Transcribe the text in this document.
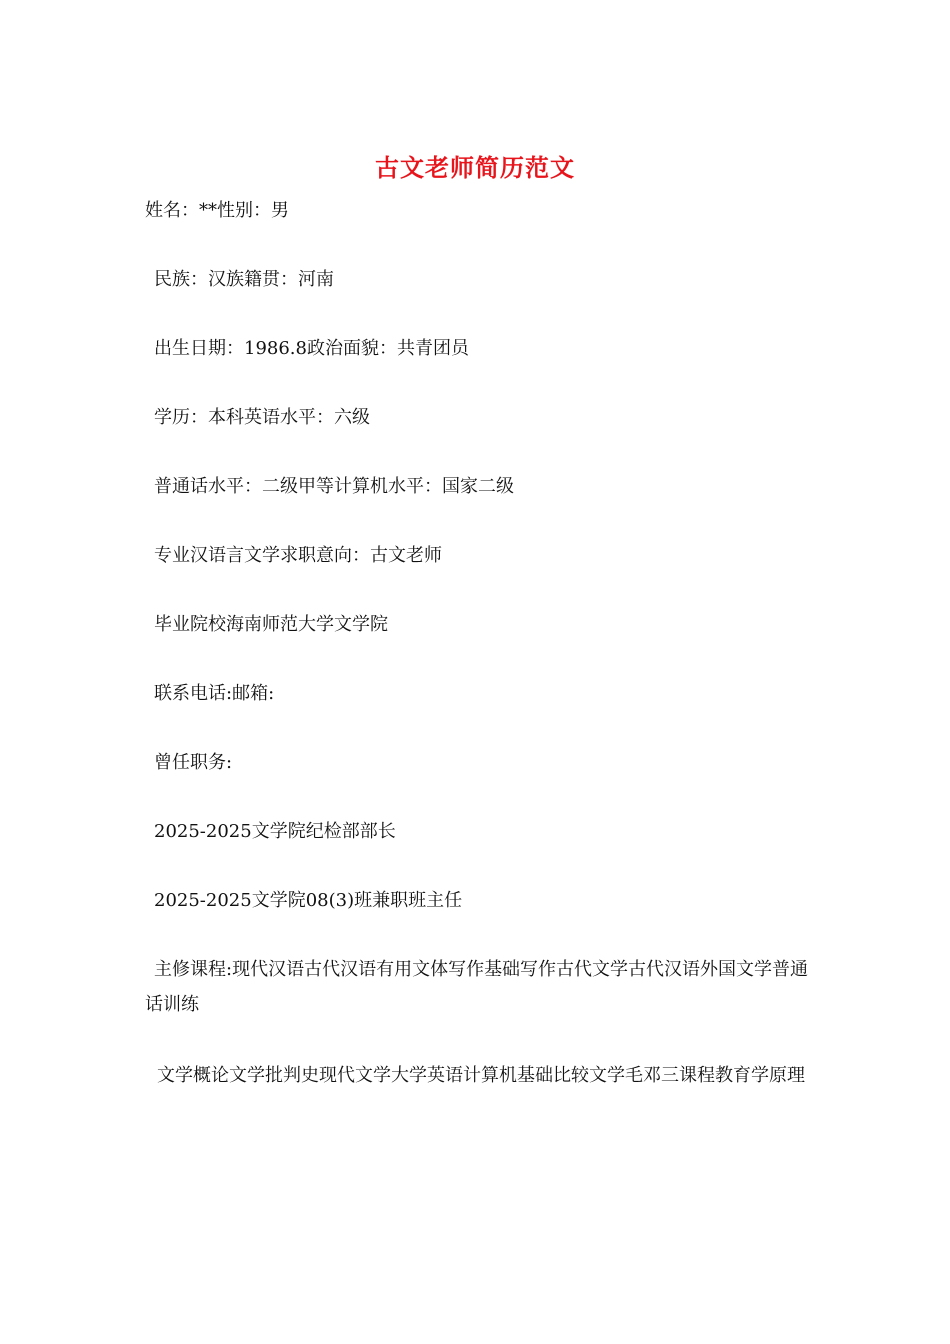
古文老师简历范文
姓名：**性别：男
民族：汉族籍贯：河南
出生日期：1986.8政治面貌：共青团员
学历：本科英语水平：六级
普通话水平：二级甲等计算机水平：国家二级
专业汉语言文学求职意向：古文老师
毕业院校海南师范大学文学院
联系电话:邮箱:
曾任职务:
2025-2025文学院纪检部部长
2025-2025文学院08(3)班兼职班主任
主修课程:现代汉语古代汉语有用文体写作基础写作古代文学古代汉语外国文学普通话训练
文学概论文学批判史现代文学大学英语计算机基础比较文学毛邓三课程教育学原理
